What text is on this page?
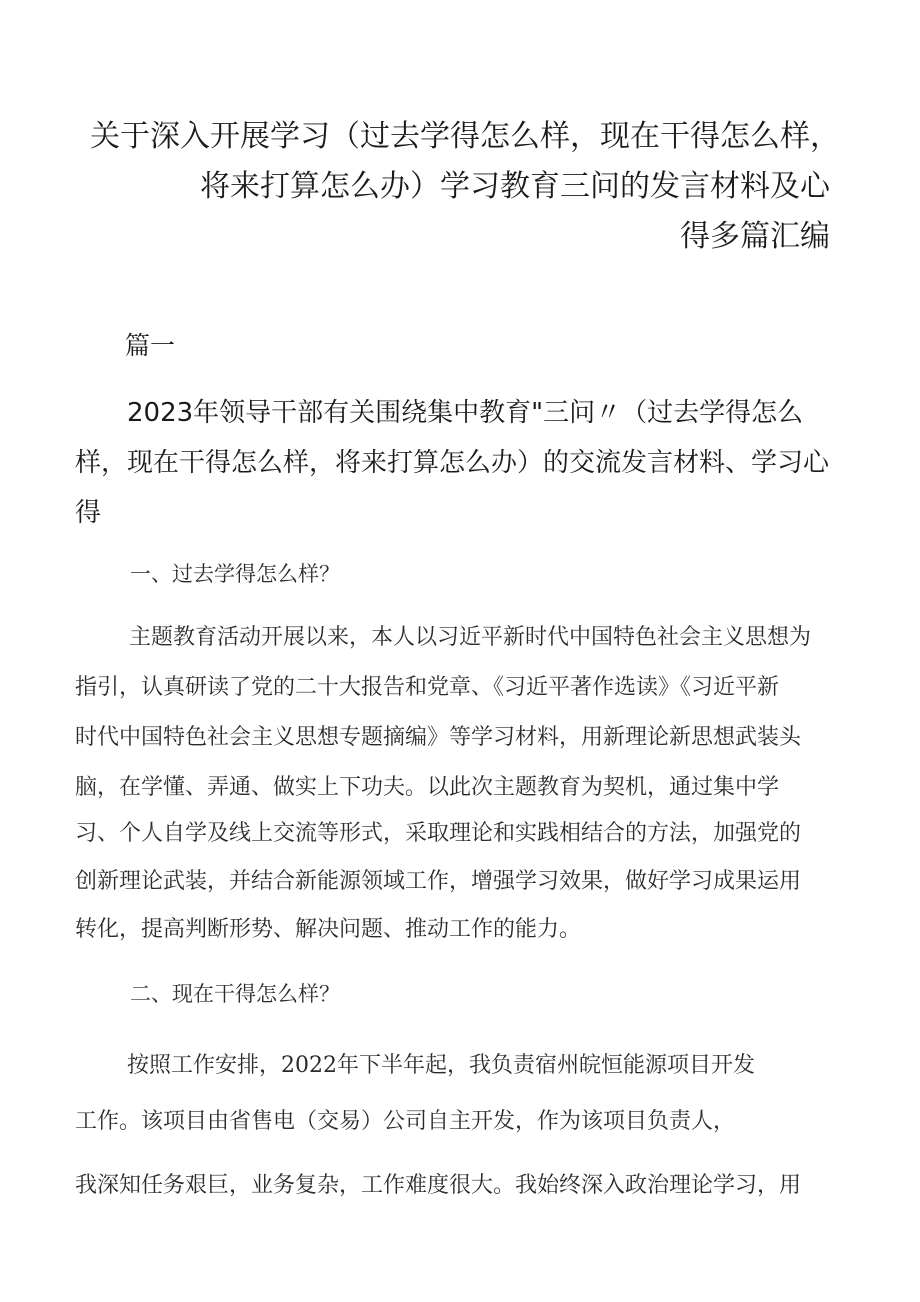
关于深入开展学习（过去学得怎么样，现在干得怎么样，
将来打算怎么办）学习教育三问的发言材料及心
得多篇汇编
篇一
2023年领导干部有关围绕集中教育"三问〃（过去学得怎么
样，现在干得怎么样，将来打算怎么办）的交流发言材料、学习心
得
一、过去学得怎么样？
主题教育活动开展以来，本人以习近平新时代中国特色社会主义思想为
指引，认真研读了党的二十大报告和党章、《习近平著作选读》《习近平新
时代中国特色社会主义思想专题摘编》等学习材料，用新理论新思想武装头
脑，在学懂、弄通、做实上下功夫。以此次主题教育为契机，通过集中学
习、个人自学及线上交流等形式，采取理论和实践相结合的方法，加强党的
创新理论武装，并结合新能源领域工作，增强学习效果，做好学习成果运用
转化，提高判断形势、解决问题、推动工作的能力。
二、现在干得怎么样？
按照工作安排，2022年下半年起，我负责宿州皖恒能源项目开发
工作。该项目由省售电（交易）公司自主开发，作为该项目负责人，
我深知任务艰巨，业务复杂，工作难度很大。我始终深入政治理论学习，用
